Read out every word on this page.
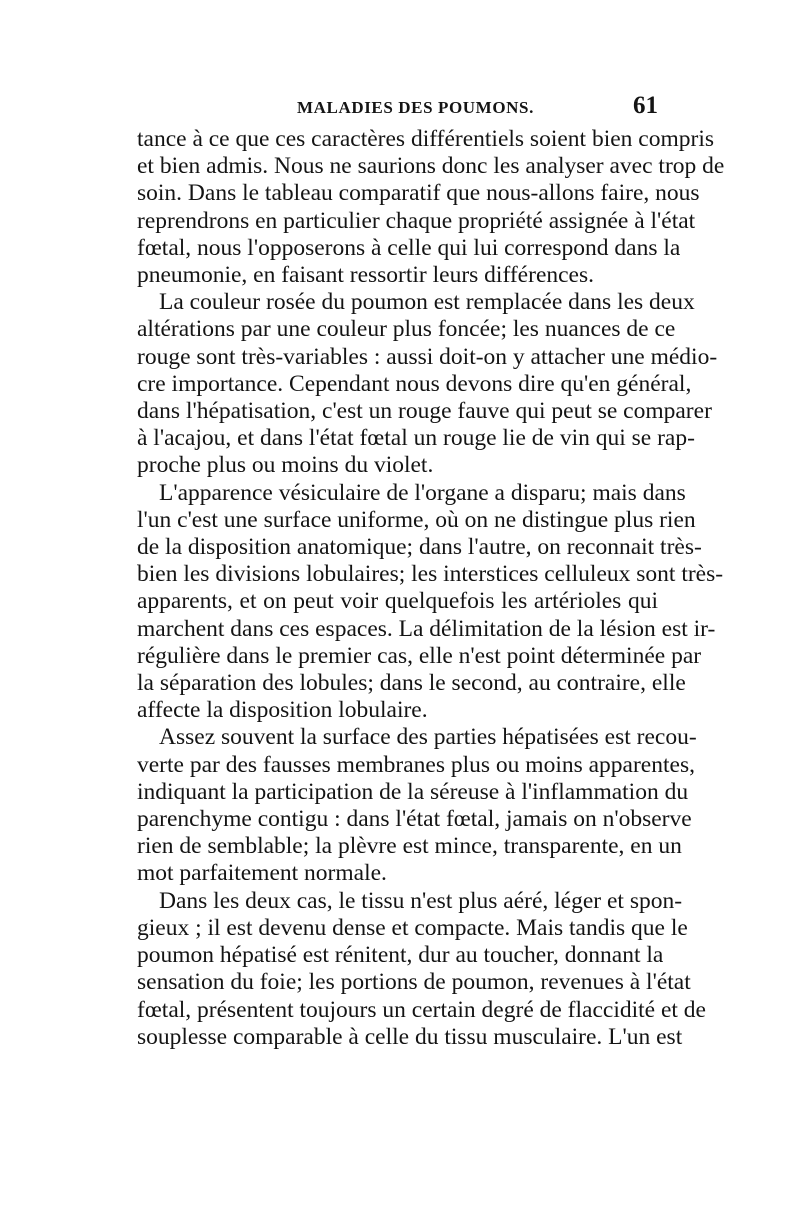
MALADIES DES POUMONS.	61

tance à ce que ces caractères différentiels soient bien compris
et bien admis. Nous ne saurions donc les analyser avec trop de
soin. Dans le tableau comparatif que nous-allons faire, nous
reprendrons en particulier chaque propriété assignée à l'état
fœtal, nous l'opposerons à celle qui lui correspond dans la
pneumonie, en faisant ressortir leurs différences.

La couleur rosée du poumon est remplacée dans les deux
altérations par une couleur plus foncée; les nuances de ce
rouge sont très-variables : aussi doit-on y attacher une médio-
cre importance. Cependant nous devons dire qu'en général,
dans l'hépatisation, c'est un rouge fauve qui peut se comparer
à l'acajou, et dans l'état fœtal un rouge lie de vin qui se rap-
proche plus ou moins du violet.

L'apparence vésiculaire de l'organe a disparu; mais dans
l'un c'est une surface uniforme, où on ne distingue plus rien
de la disposition anatomique; dans l'autre, on reconnait très-
bien les divisions lobulaires; les interstices celluleux sont très-
apparents, et on peut voir quelquefois les artérioles qui
marchent dans ces espaces. La délimitation de la lésion est ir-
régulière dans le premier cas, elle n'est point déterminée par
la séparation des lobules; dans le second, au contraire, elle
affecte la disposition lobulaire.

Assez souvent la surface des parties hépatisées est recou-
verte par des fausses membranes plus ou moins apparentes,
indiquant la participation de la séreuse à l'inflammation du
parenchyme contigu : dans l'état fœtal, jamais on n'observe
rien de semblable; la plèvre est mince, transparente, en un
mot parfaitement normale.

Dans les deux cas, le tissu n'est plus aéré, léger et spon-
gieux ; il est devenu dense et compacte. Mais tandis que le
poumon hépatisé est rénitent, dur au toucher, donnant la
sensation du foie; les portions de poumon, revenues à l'état
fœtal, présentent toujours un certain degré de flaccidité et de
souplesse comparable à celle du tissu musculaire. L'un est
